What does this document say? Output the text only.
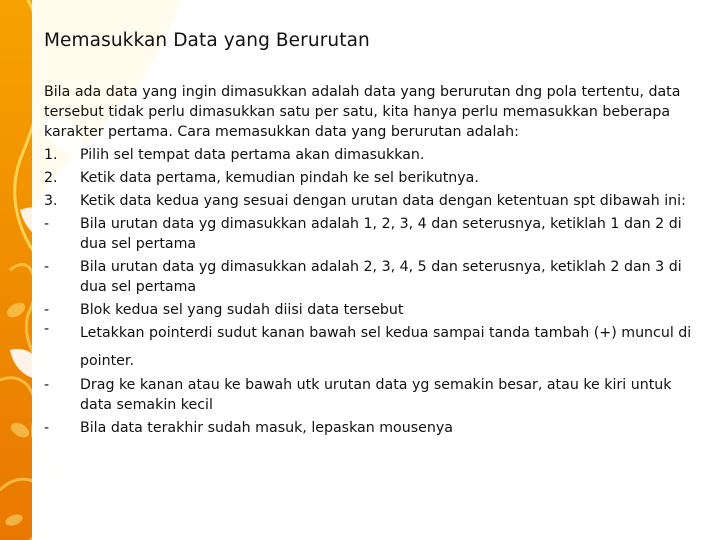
Memasukkan Data yang Berurutan

Bila ada data yang ingin dimasukkan adalah data yang berurutan dng pola tertentu, data tersebut tidak perlu dimasukkan satu per satu, kita hanya perlu memasukkan beberapa karakter pertama. Cara memasukkan data yang berurutan adalah:

1.	Pilih sel tempat data pertama akan dimasukkan.
2.	Ketik data pertama, kemudian pindah ke sel berikutnya.
3.	Ketik data kedua yang sesuai dengan urutan data dengan ketentuan spt dibawah ini:
-	Bila urutan data yg dimasukkan adalah 1, 2, 3, 4 dan seterusnya, ketiklah 1 dan 2 di dua sel pertama
-	Bila urutan data yg dimasukkan adalah 2, 3, 4, 5 dan seterusnya, ketiklah 2 dan 3 di dua sel pertama
-	Blok kedua sel yang sudah diisi data tersebut
-	Letakkan pointerdi sudut kanan bawah sel kedua sampai tanda tambah (+) muncul di pointer.
-	Drag ke kanan atau ke bawah utk urutan data yg semakin besar, atau ke kiri untuk data semakin kecil
-	Bila data terakhir sudah masuk, lepaskan mousenya
